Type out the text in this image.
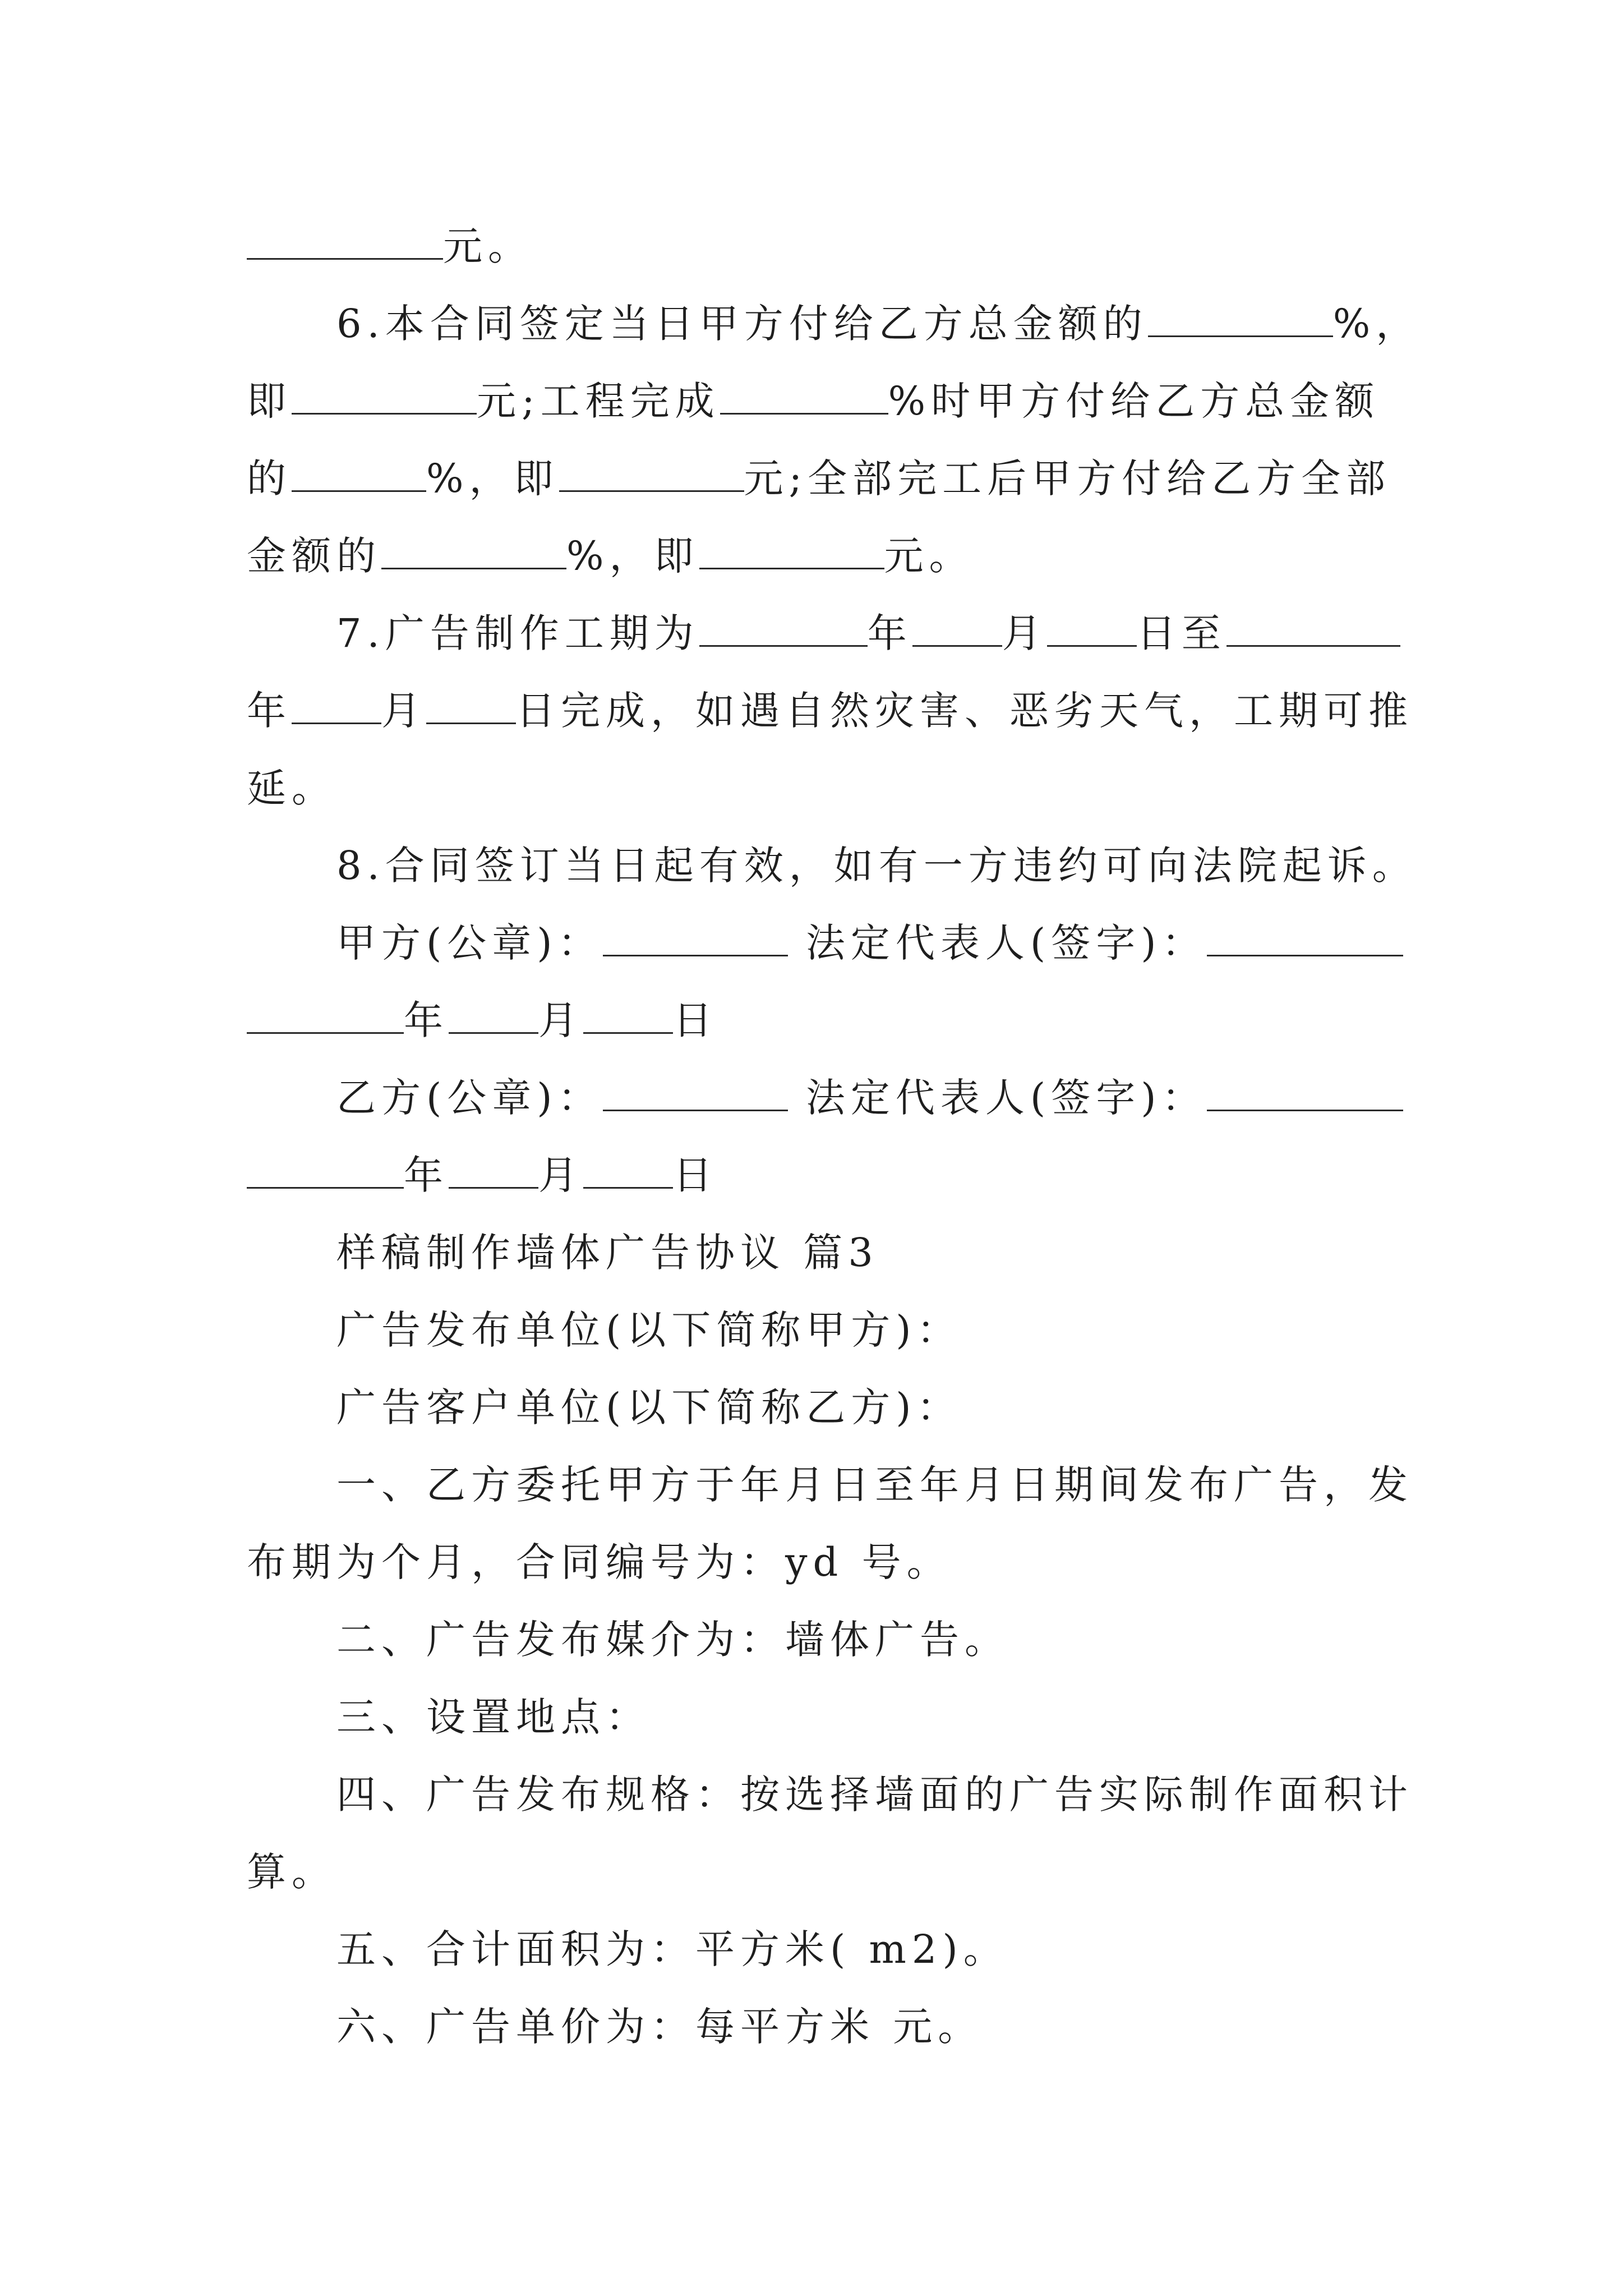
元。
6.本合同签定当日甲方付给乙方总金额的	%，
即	元;工程完成	%时甲方付给乙方总金额
的	%，即	元;全部完工后甲方付给乙方全部
金额的	%，即	元。
7.广告制作工期为	年 月 日至
年 月 日完成，如遇自然灾害、恶劣天气，工期可推
延。
8.合同签订当日起有效，如有一方违约可向法院起诉。
甲方(公章)：	法定代表人(签字)：
年 月 日
乙方(公章)：	法定代表人(签字)：
年 月 日
样稿制作墙体广告协议 篇3
广告发布单位(以下简称甲方)：
广告客户单位(以下简称乙方)：
一、乙方委托甲方于年月日至年月日期间发布广告，发
布期为个月，合同编号为：yd 号。
二、广告发布媒介为：墙体广告。
三、设置地点：
四、广告发布规格：按选择墙面的广告实际制作面积计
算。
五、合计面积为：平方米( m2)。
六、广告单价为：每平方米 元。
